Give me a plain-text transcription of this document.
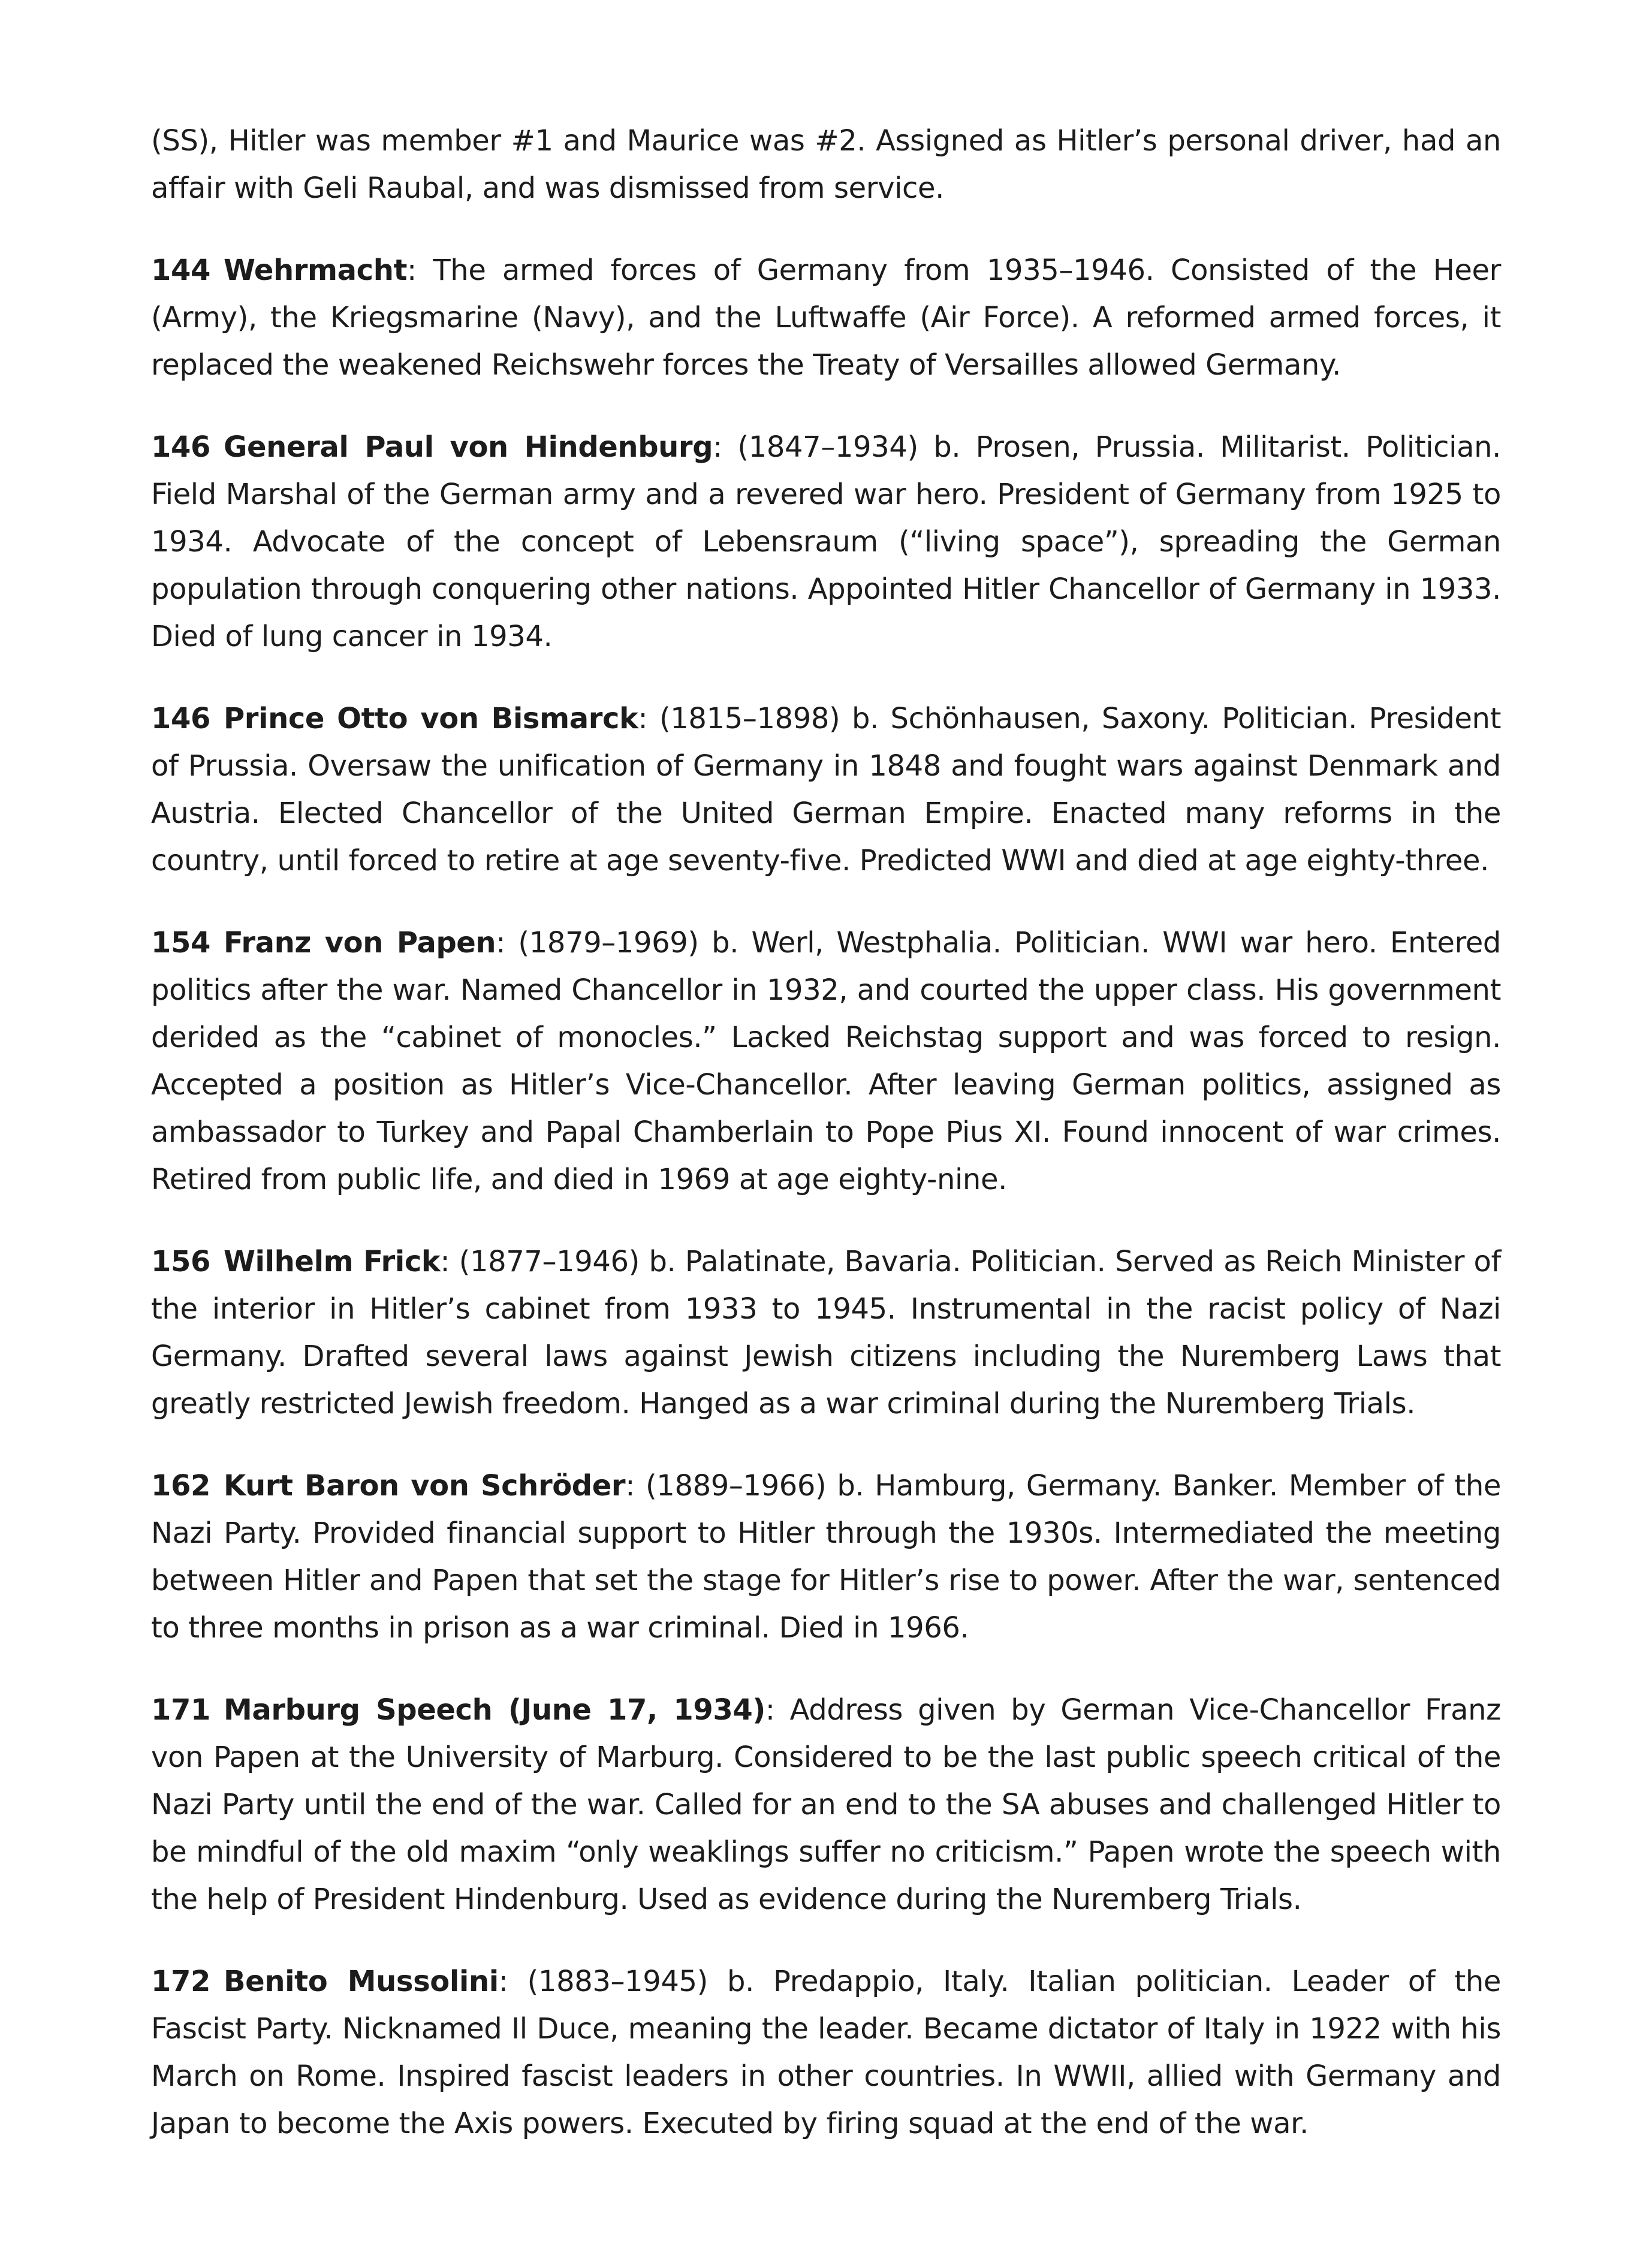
(SS), Hitler was member #1 and Maurice was #2. Assigned as Hitler’s personal driver, had an affair with Geli Raubal, and was dismissed from service.

144 Wehrmacht: The armed forces of Germany from 1935–1946. Consisted of the Heer (Army), the Kriegsmarine (Navy), and the Luftwaffe (Air Force). A reformed armed forces, it replaced the weakened Reichswehr forces the Treaty of Versailles allowed Germany.

146 General Paul von Hindenburg: (1847–1934) b. Prosen, Prussia. Militarist. Politician. Field Marshal of the German army and a revered war hero. President of Germany from 1925 to 1934. Advocate of the concept of Lebensraum (“living space”), spreading the German population through conquering other nations. Appointed Hitler Chancellor of Germany in 1933. Died of lung cancer in 1934.

146 Prince Otto von Bismarck: (1815–1898) b. Schönhausen, Saxony. Politician. President of Prussia. Oversaw the unification of Germany in 1848 and fought wars against Denmark and Austria. Elected Chancellor of the United German Empire. Enacted many reforms in the country, until forced to retire at age seventy-five. Predicted WWI and died at age eighty-three.

154 Franz von Papen: (1879–1969) b. Werl, Westphalia. Politician. WWI war hero. Entered politics after the war. Named Chancellor in 1932, and courted the upper class. His government derided as the “cabinet of monocles.” Lacked Reichstag support and was forced to resign. Accepted a position as Hitler’s Vice-Chancellor. After leaving German politics, assigned as ambassador to Turkey and Papal Chamberlain to Pope Pius XI. Found innocent of war crimes. Retired from public life, and died in 1969 at age eighty-nine.

156 Wilhelm Frick: (1877–1946) b. Palatinate, Bavaria. Politician. Served as Reich Minister of the interior in Hitler’s cabinet from 1933 to 1945. Instrumental in the racist policy of Nazi Germany. Drafted several laws against Jewish citizens including the Nuremberg Laws that greatly restricted Jewish freedom. Hanged as a war criminal during the Nuremberg Trials.

162 Kurt Baron von Schröder: (1889–1966) b. Hamburg, Germany. Banker. Member of the Nazi Party. Provided financial support to Hitler through the 1930s. Intermediated the meeting between Hitler and Papen that set the stage for Hitler’s rise to power. After the war, sentenced to three months in prison as a war criminal. Died in 1966.

171 Marburg Speech (June 17, 1934): Address given by German Vice-Chancellor Franz von Papen at the University of Marburg. Considered to be the last public speech critical of the Nazi Party until the end of the war. Called for an end to the SA abuses and challenged Hitler to be mindful of the old maxim “only weaklings suffer no criticism.” Papen wrote the speech with the help of President Hindenburg. Used as evidence during the Nuremberg Trials.

172 Benito Mussolini: (1883–1945) b. Predappio, Italy. Italian politician. Leader of the Fascist Party. Nicknamed Il Duce, meaning the leader. Became dictator of Italy in 1922 with his March on Rome. Inspired fascist leaders in other countries. In WWII, allied with Germany and Japan to become the Axis powers. Executed by firing squad at the end of the war.
